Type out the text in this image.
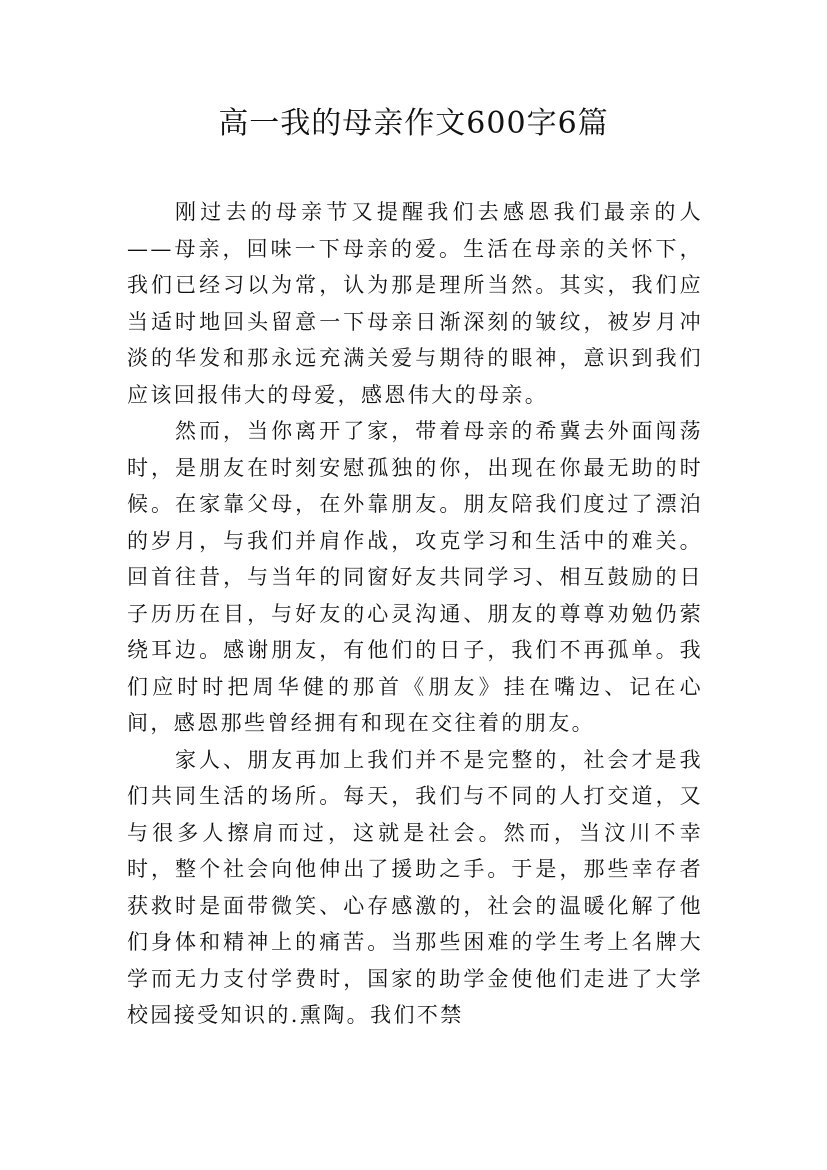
高一我的母亲作文600字6篇

刚过去的母亲节又提醒我们去感恩我们最亲的人——母亲，回味一下母亲的爱。生活在母亲的关怀下，我们已经习以为常，认为那是理所当然。其实，我们应当适时地回头留意一下母亲日渐深刻的皱纹，被岁月冲淡的华发和那永远充满关爱与期待的眼神，意识到我们应该回报伟大的母爱，感恩伟大的母亲。

然而，当你离开了家，带着母亲的希冀去外面闯荡时，是朋友在时刻安慰孤独的你，出现在你最无助的时候。在家靠父母，在外靠朋友。朋友陪我们度过了漂泊的岁月，与我们并肩作战，攻克学习和生活中的难关。回首往昔，与当年的同窗好友共同学习、相互鼓励的日子历历在目，与好友的心灵沟通、朋友的尊尊劝勉仍萦绕耳边。感谢朋友，有他们的日子，我们不再孤单。我们应时时把周华健的那首《朋友》挂在嘴边、记在心间，感恩那些曾经拥有和现在交往着的朋友。

家人、朋友再加上我们并不是完整的，社会才是我们共同生活的场所。每天，我们与不同的人打交道，又与很多人擦肩而过，这就是社会。然而，当汶川不幸时，整个社会向他伸出了援助之手。于是，那些幸存者获救时是面带微笑、心存感激的，社会的温暖化解了他们身体和精神上的痛苦。当那些困难的学生考上名牌大学而无力支付学费时，国家的助学金使他们走进了大学校园接受知识的.熏陶。我们不禁
